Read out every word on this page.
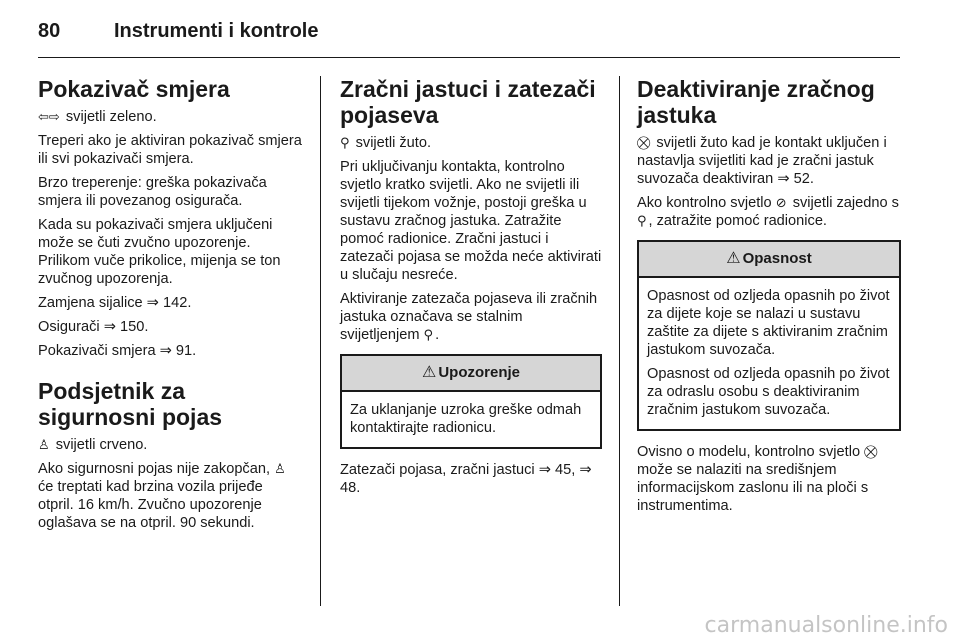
80	Instrumenti i kontrole
Pokazivač smjera

⇦⇨ svijetli zeleno.

Treperi ako je aktiviran pokazivač smjera ili svi pokazivači smjera.

Brzo treperenje: greška pokazivača smjera ili povezanog osigurača.

Kada su pokazivači smjera uključeni može se čuti zvučno upozorenje. Prilikom vuče prikolice, mijenja se ton zvučnog upozorenja.

Zamjena sijalice ⇒ 142.

Osigurači ⇒ 150.

Pokazivači smjera ⇒ 91.

Podsjetnik za sigurnosni pojas

♙ svijetli crveno.

Ako sigurnosni pojas nije zakopčan, ♙ će treptati kad brzina vozila prijeđe otpril. 16 km/h. Zvučno upozorenje oglašava se na otpril. 90 sekundi.

Zračni jastuci i zatezači pojaseva

⚲ svijetli žuto.

Pri uključivanju kontakta, kontrolno svjetlo kratko svijetli. Ako ne svijetli ili svijetli tijekom vožnje, postoji greška u sustavu zračnog jastuka. Zatražite pomoć radionice. Zračni jastuci i zatezači pojasa se možda neće aktivirati u slučaju nesreće.

Aktiviranje zatezača pojaseva ili zračnih jastuka označava se stalnim svijetljenjem ⚲ .

⚠ Upozorenje

Za uklanjanje uzroka greške odmah kontaktirajte radionicu.

Zatezači pojasa, zračni jastuci ⇒ 45, ⇒ 48.

Deaktiviranje zračnog jastuka

⛒ svijetli žuto kad je kontakt uključen i nastavlja svijetliti kad je zračni jastuk suvozača deaktiviran ⇒ 52.

Ako kontrolno svjetlo ⊘ svijetli zajedno s ⚲ , zatražite pomoć radionice.

⚠ Opasnost

Opasnost od ozljeda opasnih po život za dijete koje se nalazi u sustavu zaštite za dijete s aktiviranim zračnim jastukom suvozača.

Opasnost od ozljeda opasnih po život za odraslu osobu s deaktiviranim zračnim jastukom suvozača.

Ovisno o modelu, kontrolno svjetlo ⛒ može se nalaziti na središnjem informacijskom zaslonu ili na ploči s instrumentima.

carmanualsonline.info
